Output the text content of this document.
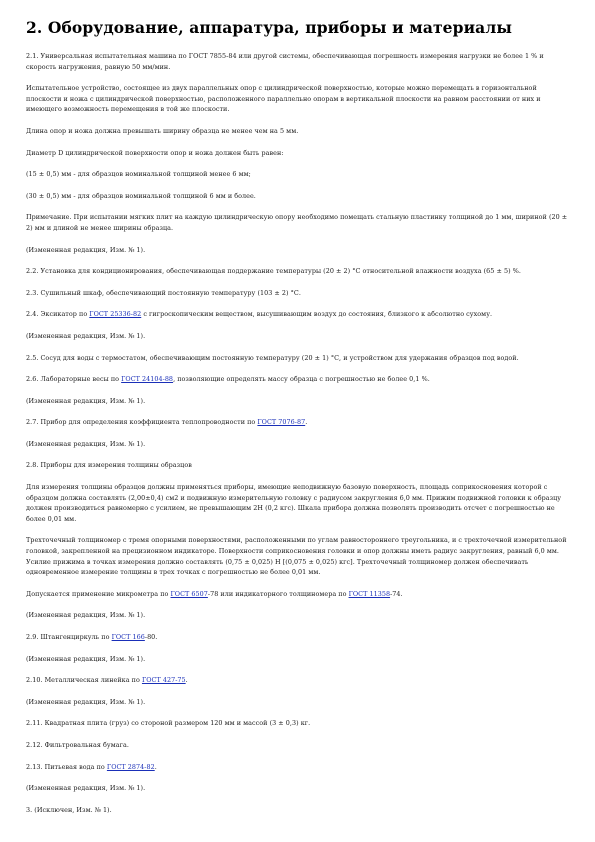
2. Оборудование, аппаратура, приборы и материалы
2.1. Универсальная испытательная машина по ГОСТ 7855-84 или другой системы, обеспечивающая погрешность измерения нагрузки не более 1 % и скорость нагружения, равную 50 мм/мин.
Испытательное устройство, состоящее из двух параллельных опор с цилиндрической поверхностью, которые можно перемещать в горизонтальной плоскости и ножа с цилиндрической поверхностью, расположенного параллельно опорам в вертикальной плоскости на равном расстоянии от них и имеющего возможность перемещения в той же плоскости.
Длина опор и ножа должна превышать ширину образца не менее чем на 5 мм.
Диаметр D цилиндрической поверхности опор и ножа должен быть равен:
(15 ± 0,5) мм - для образцов номинальной толщиной менее 6 мм;
(30 ± 0,5) мм - для образцов номинальной толщиной 6 мм и более.
Примечание. При испытании мягких плит на каждую цилиндрическую опору необходимо помещать стальную пластинку толщиной до 1 мм, шириной (20 ± 2) мм и длиной не менее ширины образца.
(Измененная редакция, Изм. № 1).
2.2. Установка для кондиционирования, обеспечивающая поддержание температуры (20 ± 2) °С относительной влажности воздуха (65 ± 5) %.
2.3. Сушильный шкаф, обеспечивающий постоянную температуру (103 ± 2) °С.
2.4. Эксикатор по ГОСТ 25336-82 с гигроскопическим веществом, высушивающим воздух до состояния, близкого к абсолютно сухому.
(Измененная редакция, Изм. № 1).
2.5. Сосуд для воды с термостатом, обеспечивающим постоянную температуру (20 ± 1) °С, и устройством для удержания образцов под водой.
2.6. Лабораторные весы по ГОСТ 24104-88, позволяющие определять массу образца с погрешностью не более 0,1 %.
(Измененная редакция, Изм. № 1).
2.7. Прибор для определения коэффициента теплопроводности по ГОСТ 7076-87.
(Измененная редакция, Изм. № 1).
2.8. Приборы для измерения толщины образцов
Для измерения толщины образцов должны применяться приборы, имеющие неподвижную базовую поверхность, площадь соприкосновения которой с образцом должна составлять (2,00±0,4) см2 и подвижную измерительную головку с радиусом закругления 6,0 мм. Прижим подвижной головки к образцу должен производиться равномерно с усилием, не превышающим 2Н (0,2 кгс). Шкала прибора должна позволять производить отсчет с погрешностью не более 0,01 мм.
Трехточечный толщиномер с тремя опорными поверхностями, расположенными по углам равностороннего треугольника, и с трехточечной измерительной головкой, закрепленной на прецизионном индикаторе. Поверхности соприкосновения головки и опор должны иметь радиус закругления, равный 6,0 мм. Усилие прижима в точках измерения должно составлять (0,75 ± 0,025) Н [(0,075 ± 0,025) кгс]. Трехточечный толщиномер должен обеспечивать одновременное измерение толщины в трех точках с погрешностью не более 0,01 мм.
Допускается применение микрометра по ГОСТ 6507-78 или индикаторного толщиномера по ГОСТ 11358-74.
(Измененная редакция, Изм. № 1).
2.9. Штангенциркуль по ГОСТ 166-80.
(Измененная редакция, Изм. № 1).
2.10. Металлическая линейка по ГОСТ 427-75.
(Измененная редакция, Изм. № 1).
2.11. Квадратная плита (груз) со стороной размером 120 мм и массой (3 ± 0,3) кг.
2.12. Фильтровальная бумага.
2.13. Питьевая вода по ГОСТ 2874-82.
(Измененная редакция, Изм. № 1).
3. (Исключен, Изм. № 1).
